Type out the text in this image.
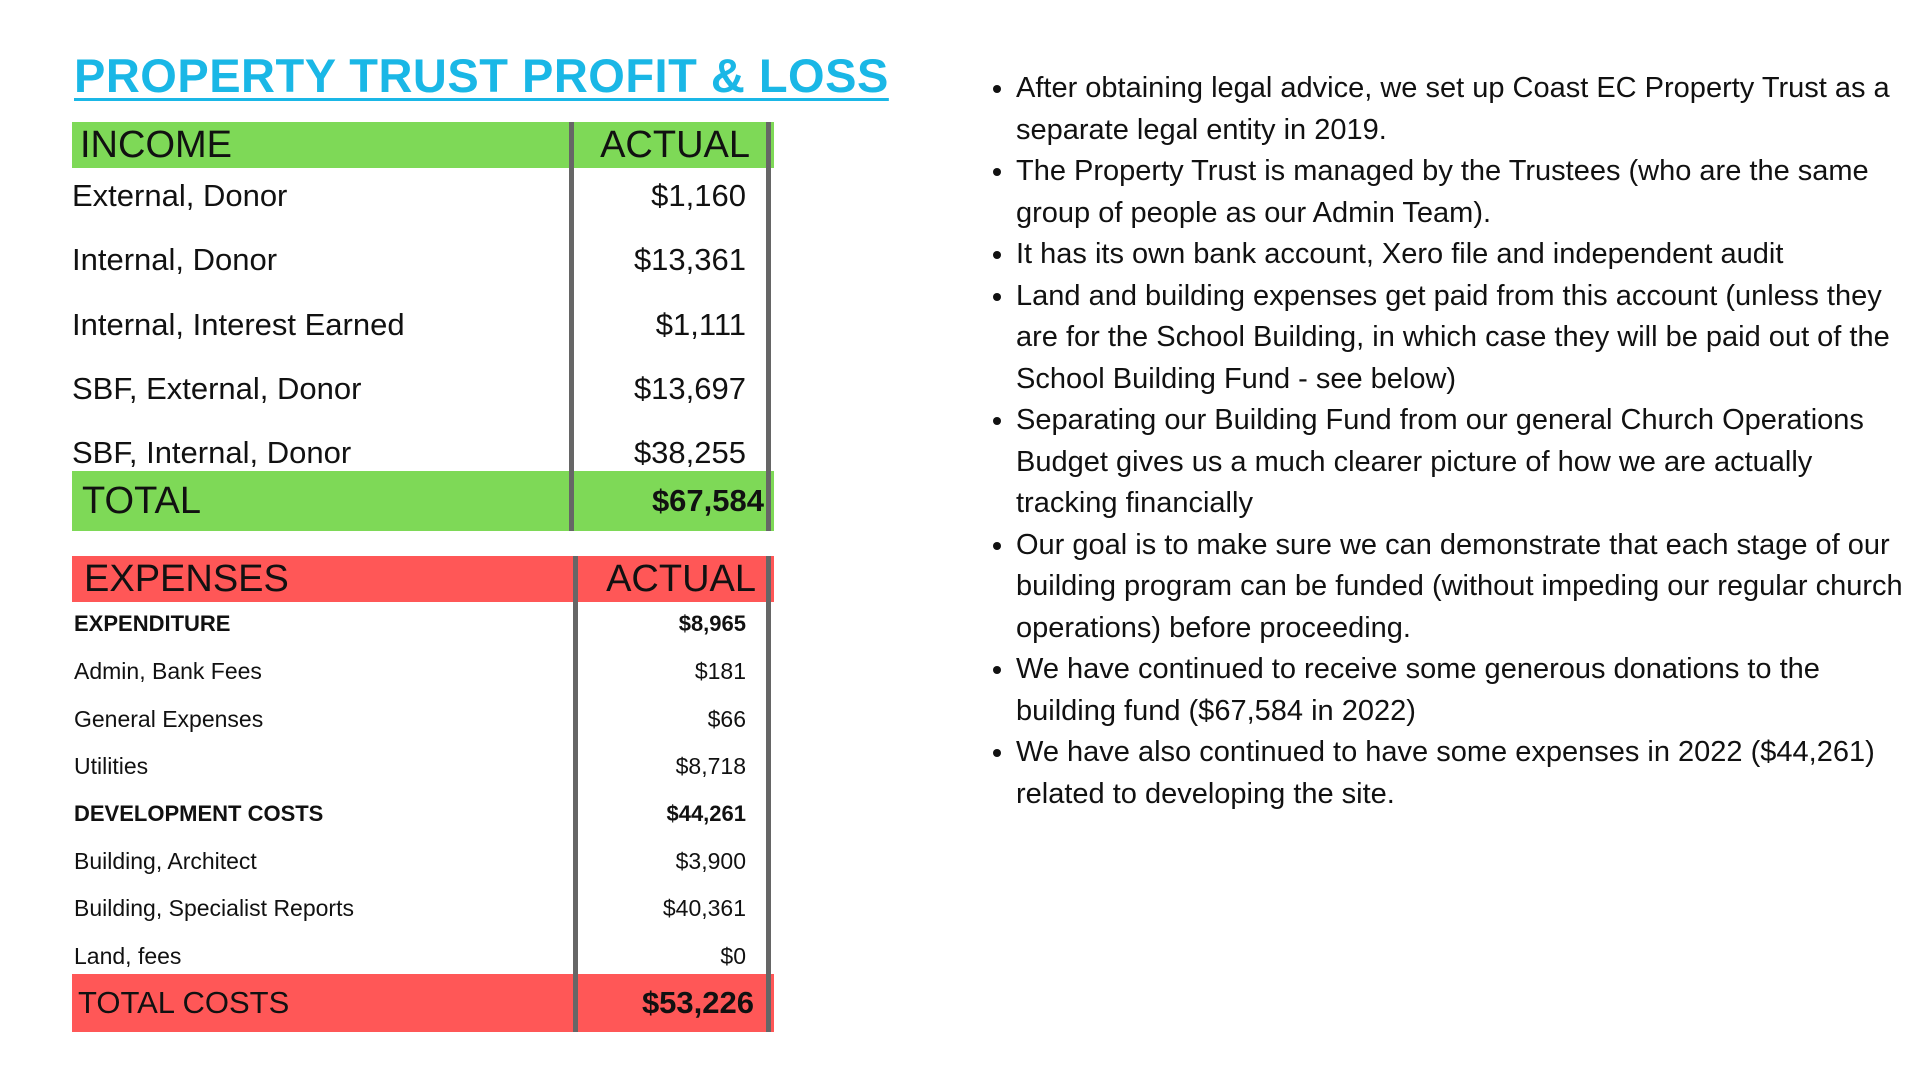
PROPERTY TRUST PROFIT & LOSS
INCOME	ACTUAL
External, Donor	$1,160
Internal, Donor	$13,361
Internal, Interest Earned	$1,111
SBF, External, Donor	$13,697
SBF, Internal, Donor	$38,255
TOTAL	$67,584
EXPENSES	ACTUAL
EXPENDITURE	$8,965
Admin, Bank Fees	$181
General Expenses	$66
Utilities	$8,718
DEVELOPMENT COSTS	$44,261
Building, Architect	$3,900
Building, Specialist Reports	$40,361
Land, fees	$0
TOTAL COSTS	$53,226
• After obtaining legal advice, we set up Coast EC Property Trust as a separate legal entity in 2019.
• The Property Trust is managed by the Trustees (who are the same group of people as our Admin Team).
• It has its own bank account, Xero file and independent audit
• Land and building expenses get paid from this account (unless they are for the School Building, in which case they will be paid out of the School Building Fund - see below)
• Separating our Building Fund from our general Church Operations Budget gives us a much clearer picture of how we are actually tracking financially
• Our goal is to make sure we can demonstrate that each stage of our building program can be funded (without impeding our regular church operations) before proceeding.
• We have continued to receive some generous donations to the building fund ($67,584 in 2022)
• We have also continued to have some expenses in 2022 ($44,261) related to developing the site.
